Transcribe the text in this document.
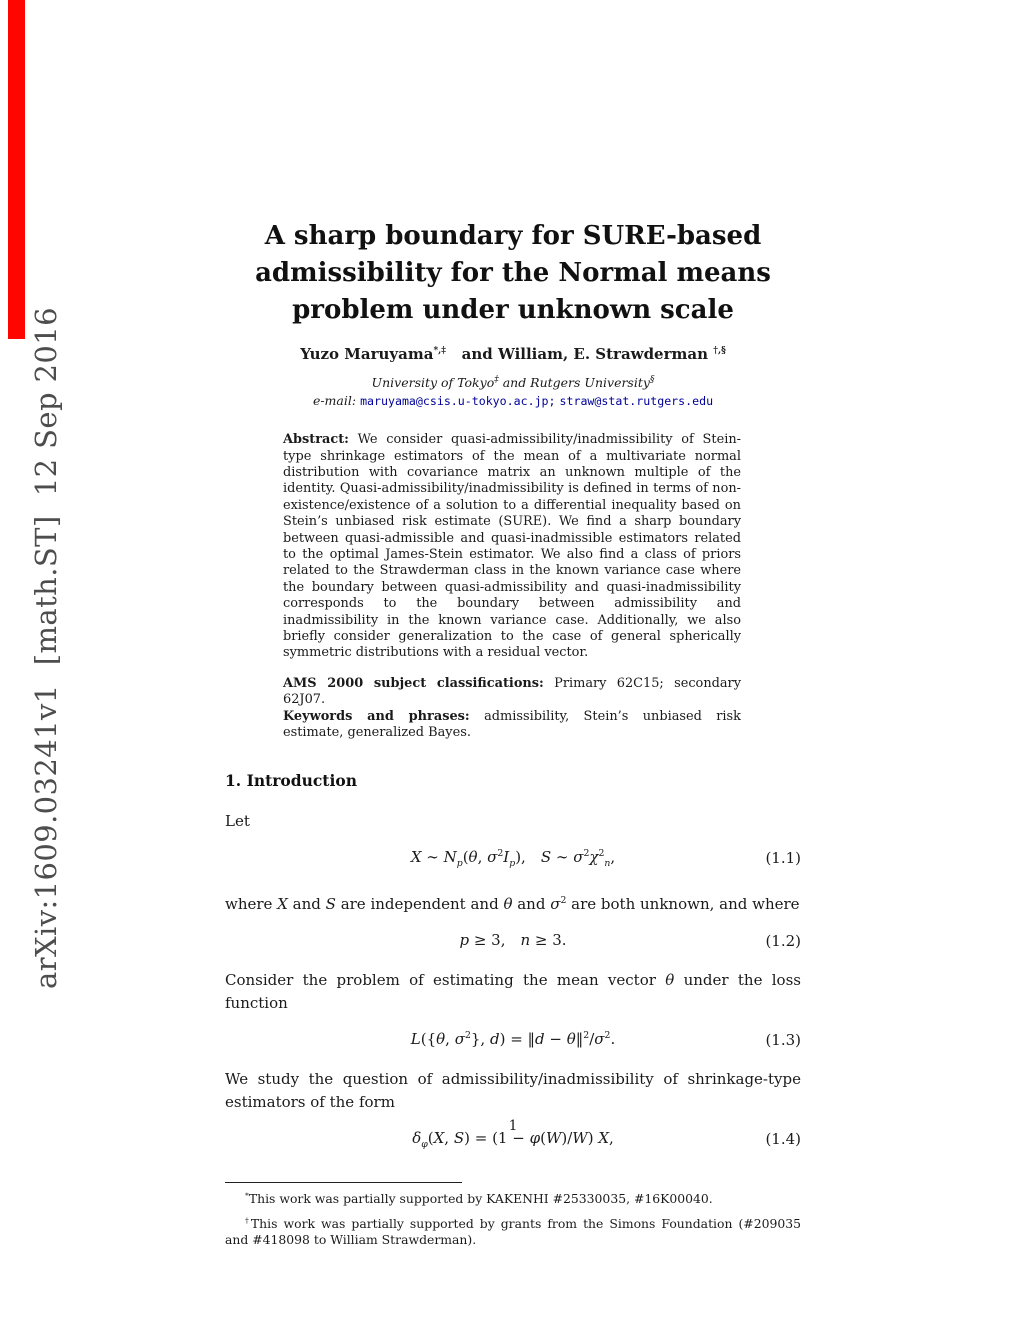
arXiv:1609.03241v1  [math.ST]  12 Sep 2016
A sharp boundary for SURE-based
admissibility for the Normal means
problem under unknown scale
Yuzo Maruyama*,‡   and William, E. Strawderman †,§
University of Tokyo‡ and Rutgers University§
e-mail: maruyama@csis.u-tokyo.ac.jp; straw@stat.rutgers.edu

Abstract: We consider quasi-admissibility/inadmissibility of Stein-type shrinkage estimators of the mean of a multivariate normal distribution with covariance matrix an unknown multiple of the identity. Quasi-admissibility/inadmissibility is defined in terms of non-existence/existence of a solution to a differential inequality based on Stein’s unbiased risk estimate (SURE). We find a sharp boundary between quasi-admissible and quasi-inadmissible estimators related to the optimal James-Stein estimator. We also find a class of priors related to the Strawderman class in the known variance case where the boundary between quasi-admissibility and quasi-inadmissibility corresponds to the boundary between admissibility and inadmissibility in the known variance case. Additionally, we also briefly consider generalization to the case of general spherically symmetric distributions with a residual vector.

AMS 2000 subject classifications: Primary 62C15; secondary 62J07.
Keywords and phrases: admissibility, Stein’s unbiased risk estimate, generalized Bayes.
1. Introduction

Let

X ∼ $N_p(\theta$, $\sigma^2I_p$), S ∼ $\sigma^2\chi^2_n$,	(1.1)

where X and S are independent and θ and $\sigma^2$ are both unknown, and where

p ≥ 3, n ≥ 3.	(1.2)

Consider the problem of estimating the mean vector θ under the loss function

L({θ, $\sigma^2$}, d) = ‖d − $\theta‖^2/\sigma^2$.	(1.3)

We study the question of admissibility/inadmissibility of shrinkage-type estimators of the form

$\delta_\varphi(X$, S) = (1 − φ(W)/W) X,	(1.4)

*This work was partially supported by KAKENHI #25330035, #16K00040.

†This work was partially supported by grants from the Simons Foundation (#209035 and #418098 to William Strawderman).

1
